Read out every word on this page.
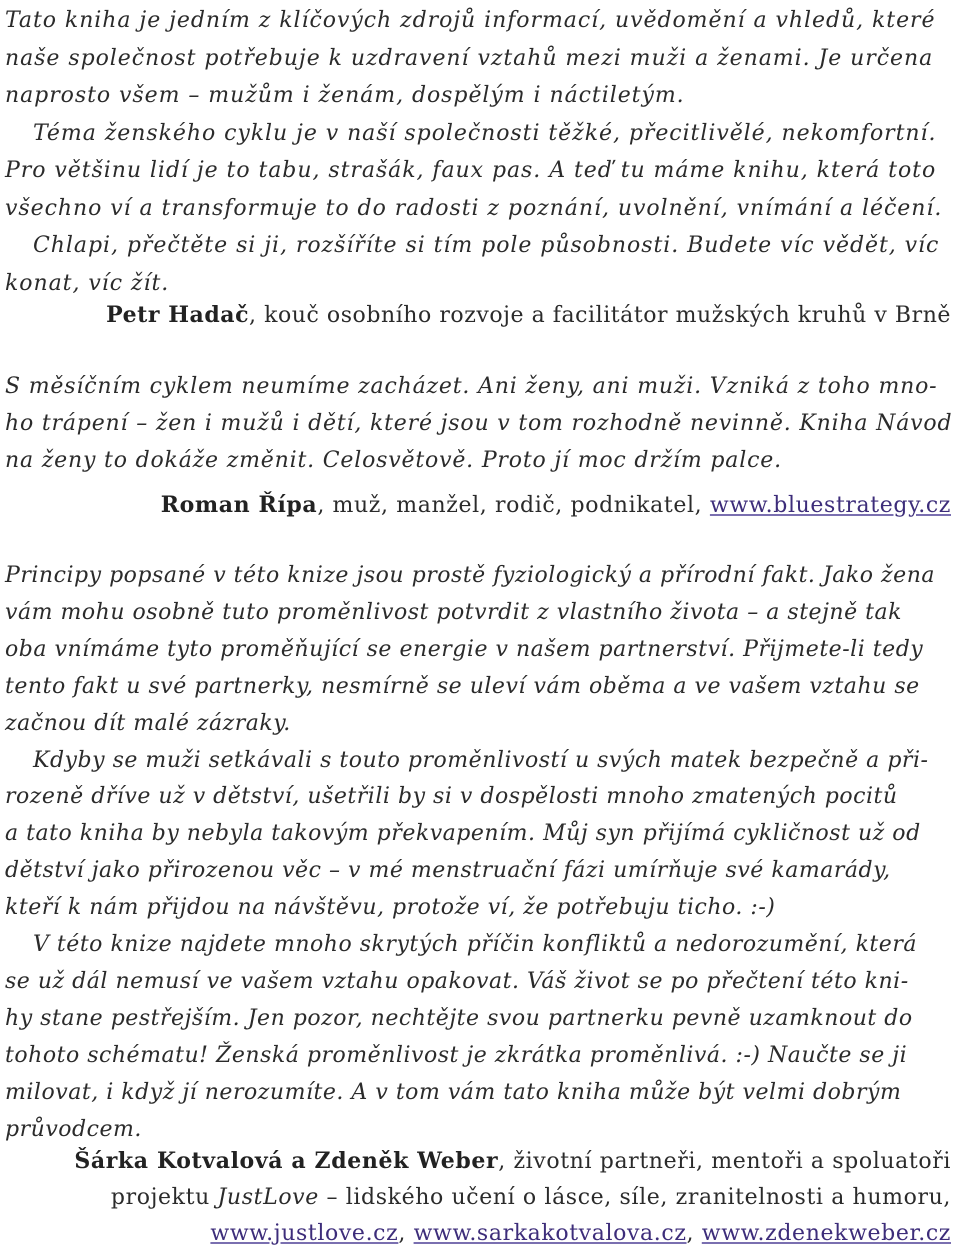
Tato kniha je jedním z klíčových zdrojů informací, uvědomění a vhledů, které
naše společnost potřebuje k uzdravení vztahů mezi muži a ženami. Je určena
naprosto všem – mužům i ženám, dospělým i náctiletým.
Téma ženského cyklu je v naší společnosti těžké, přecitlivělé, nekomfortní.
Pro většinu lidí je to tabu, strašák, faux pas. A teď tu máme knihu, která toto
všechno ví a transformuje to do radosti z poznání, uvolnění, vnímání a léčení.
Chlapi, přečtěte si ji, rozšíříte si tím pole působnosti. Budete víc vědět, víc
konat, víc žít.

Petr Hadač, kouč osobního rozvoje a facilitátor mužských kruhů v Brně

S měsíčním cyklem neumíme zacházet. Ani ženy, ani muži. Vzniká z toho mno-
ho trápení – žen i mužů i dětí, které jsou v tom rozhodně nevinně. Kniha Návod
na ženy to dokáže změnit. Celosvětově. Proto jí moc držím palce.

Roman Řípa, muž, manžel, rodič, podnikatel, www.bluestrategy.cz

Principy popsané v této knize jsou prostě fyziologický a přírodní fakt. Jako žena
vám mohu osobně tuto proměnlivost potvrdit z vlastního života – a stejně tak
oba vnímáme tyto proměňující se energie v našem partnerství. Přijmete-li tedy
tento fakt u své partnerky, nesmírně se uleví vám oběma a ve vašem vztahu se
začnou dít malé zázraky.
Kdyby se muži setkávali s touto proměnlivostí u svých matek bezpečně a při-
rozeně dříve už v dětství, ušetřili by si v dospělosti mnoho zmatených pocitů
a tato kniha by nebyla takovým překvapením. Můj syn přijímá cykličnost už od
dětství jako přirozenou věc – v mé menstruační fázi umírňuje své kamarády,
kteří k nám přijdou na návštěvu, protože ví, že potřebuju ticho. :-)
V této knize najdete mnoho skrytých příčin konfliktů a nedorozumění, která
se už dál nemusí ve vašem vztahu opakovat. Váš život se po přečtení této kni-
hy stane pestřejším. Jen pozor, nechtějte svou partnerku pevně uzamknout do
tohoto schématu! Ženská proměnlivost je zkrátka proměnlivá. :-) Naučte se ji
milovat, i když jí nerozumíte. A v tom vám tato kniha může být velmi dobrým
průvodcem.
Šárka Kotvalová a Zdeněk Weber, životní partneři, mentoři a spoluatoři
projektu JustLove – lidského učení o lásce, síle, zranitelnosti a humoru,
www.justlove.cz, www.sarkakotvalova.cz, www.zdenekweber.cz
